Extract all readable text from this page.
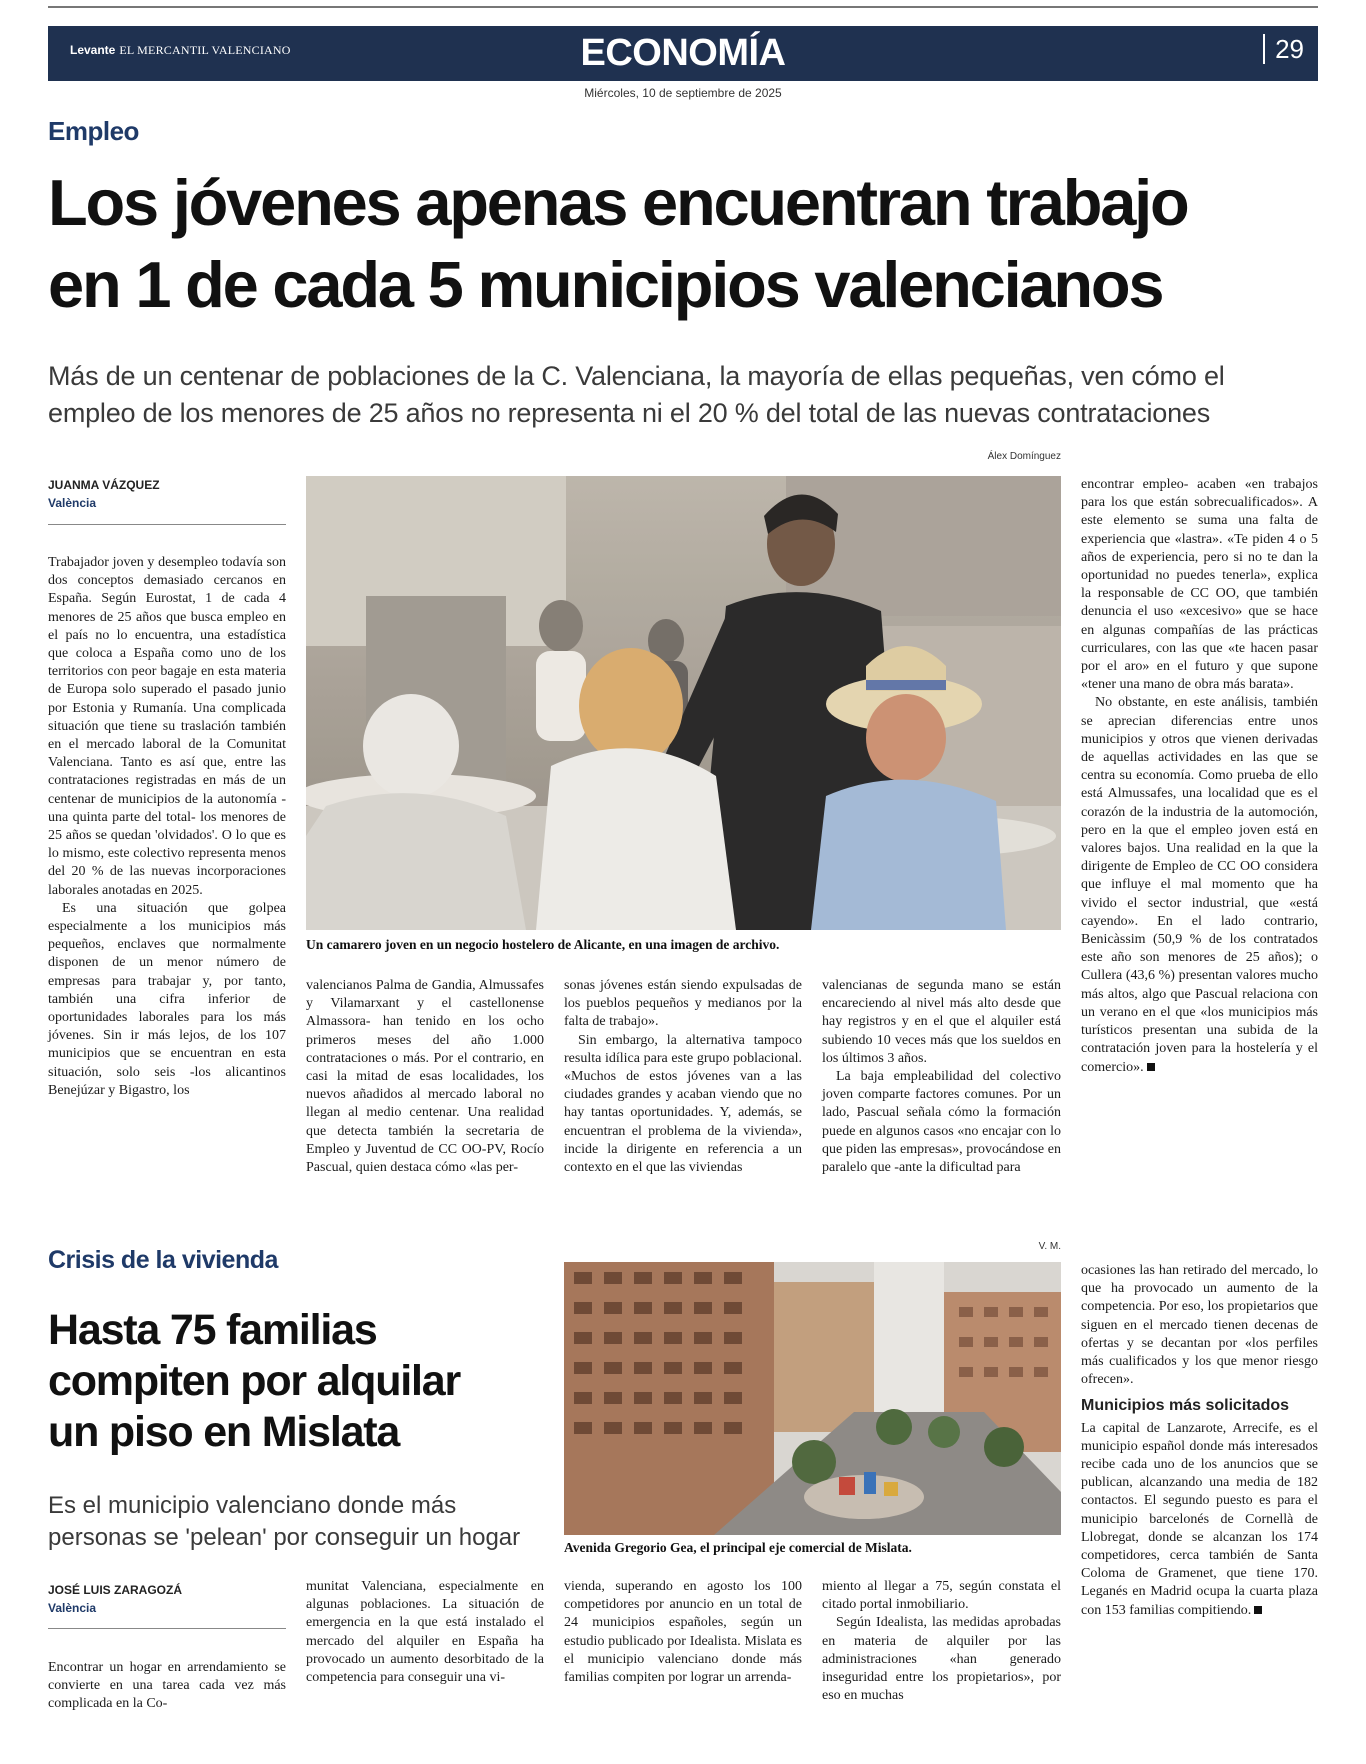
Levante EL MERCANTIL VALENCIANO	ECONOMÍA	29
Miércoles, 10 de septiembre de 2025
Empleo
Los jóvenes apenas encuentran trabajo
en 1 de cada 5 municipios valencianos
Más de un centenar de poblaciones de la C. Valenciana, la mayoría de ellas pequeñas, ven cómo el
empleo de los menores de 25 años no representa ni el 20 % del total de las nuevas contrataciones
JUANMA VÁZQUEZ
València
Álex Domínguez
Un camarero joven en un negocio hostelero de Alicante, en una imagen de archivo.

Trabajador joven y desempleo todavía son dos conceptos demasiado cercanos en España. Según Eurostat, 1 de cada 4 menores de 25 años que busca empleo en el país no lo encuentra, una estadística que coloca a España como uno de los territorios con peor bagaje en esta materia de Europa solo superado el pasado junio por Estonia y Rumanía. Una complicada situación que tiene su traslación también en el mercado laboral de la Comunitat Valenciana. Tanto es así que, entre las contrataciones registradas en más de un centenar de municipios de la autonomía -una quinta parte del total- los menores de 25 años se quedan 'olvidados'. O lo que es lo mismo, este colectivo representa menos del 20 % de las nuevas incorporaciones laborales anotadas en 2025.

Es una situación que golpea especialmente a los municipios más pequeños, enclaves que normalmente disponen de un menor número de empresas para trabajar y, por tanto, también una cifra inferior de oportunidades laborales para los más jóvenes. Sin ir más lejos, de los 107 municipios que se encuentran en esta situación, solo seis -los alicantinos Benejúzar y Bigastro, los

valencianos Palma de Gandia, Almussafes y Vilamarxant y el castellonense Almassora- han tenido en los ocho primeros meses del año 1.000 contrataciones o más. Por el contrario, en casi la mitad de esas localidades, los nuevos añadidos al mercado laboral no llegan al medio centenar. Una realidad que detecta también la secretaria de Empleo y Juventud de CC OO-PV, Rocío Pascual, quien destaca cómo «las per-

sonas jóvenes están siendo expulsadas de los pueblos pequeños y medianos por la falta de trabajo».

Sin embargo, la alternativa tampoco resulta idílica para este grupo poblacional. «Muchos de estos jóvenes van a las ciudades grandes y acaban viendo que no hay tantas oportunidades. Y, además, se encuentran el problema de la vivienda», incide la dirigente en referencia a un contexto en el que las viviendas

valencianas de segunda mano se están encareciendo al nivel más alto desde que hay registros y en el que el alquiler está subiendo 10 veces más que los sueldos en los últimos 3 años.

La baja empleabilidad del colectivo joven comparte factores comunes. Por un lado, Pascual señala cómo la formación puede en algunos casos «no encajar con lo que piden las empresas», provocándose en paralelo que -ante la dificultad para

encontrar empleo- acaben «en trabajos para los que están sobrecualificados». A este elemento se suma una falta de experiencia que «lastra». «Te piden 4 o 5 años de experiencia, pero si no te dan la oportunidad no puedes tenerla», explica la responsable de CC OO, que también denuncia el uso «excesivo» que se hace en algunas compañías de las prácticas curriculares, con las que «te hacen pasar por el aro» en el futuro y que supone «tener una mano de obra más barata».

No obstante, en este análisis, también se aprecian diferencias entre unos municipios y otros que vienen derivadas de aquellas actividades en las que se centra su economía. Como prueba de ello está Almussafes, una localidad que es el corazón de la industria de la automoción, pero en la que el empleo joven está en valores bajos. Una realidad en la que la dirigente de Empleo de CC OO considera que influye el mal momento que ha vivido el sector industrial, que «está cayendo». En el lado contrario, Benicàssim (50,9 % de los contratados este año son menores de 25 años); o Cullera (43,6 %) presentan valores mucho más altos, algo que Pascual relaciona con un verano en el que «los municipios más turísticos presentan una subida de la contratación joven para la hostelería y el comercio».

Crisis de la vivienda
Hasta 75 familias
compiten por alquilar
un piso en Mislata
Es el municipio valenciano donde más
personas se 'pelean' por conseguir un hogar
V. M.
Avenida Gregorio Gea, el principal eje comercial de Mislata.
JOSÉ LUIS ZARAGOZÁ
València

Encontrar un hogar en arrendamiento se convierte en una tarea cada vez más complicada en la Co-

munitat Valenciana, especialmente en algunas poblaciones. La situación de emergencia en la que está instalado el mercado del alquiler en España ha provocado un aumento desorbitado de la competencia para conseguir una vi-

vienda, superando en agosto los 100 competidores por anuncio en un total de 24 municipios españoles, según un estudio publicado por Idealista. Mislata es el municipio valenciano donde más familias compiten por lograr un arrenda-

miento al llegar a 75, según constata el citado portal inmobiliario.

Según Idealista, las medidas aprobadas en materia de alquiler por las administraciones «han generado inseguridad entre los propietarios», por eso en muchas

ocasiones las han retirado del mercado, lo que ha provocado un aumento de la competencia. Por eso, los propietarios que siguen en el mercado tienen decenas de ofertas y se decantan por «los perfiles más cualificados y los que menor riesgo ofrecen».

Municipios más solicitados

La capital de Lanzarote, Arrecife, es el municipio español donde más interesados recibe cada uno de los anuncios que se publican, alcanzando una media de 182 contactos. El segundo puesto es para el municipio barcelonés de Cornellà de Llobregat, donde se alcanzan los 174 competidores, cerca también de Santa Coloma de Gramenet, que tiene 170. Leganés en Madrid ocupa la cuarta plaza con 153 familias compitiendo.
